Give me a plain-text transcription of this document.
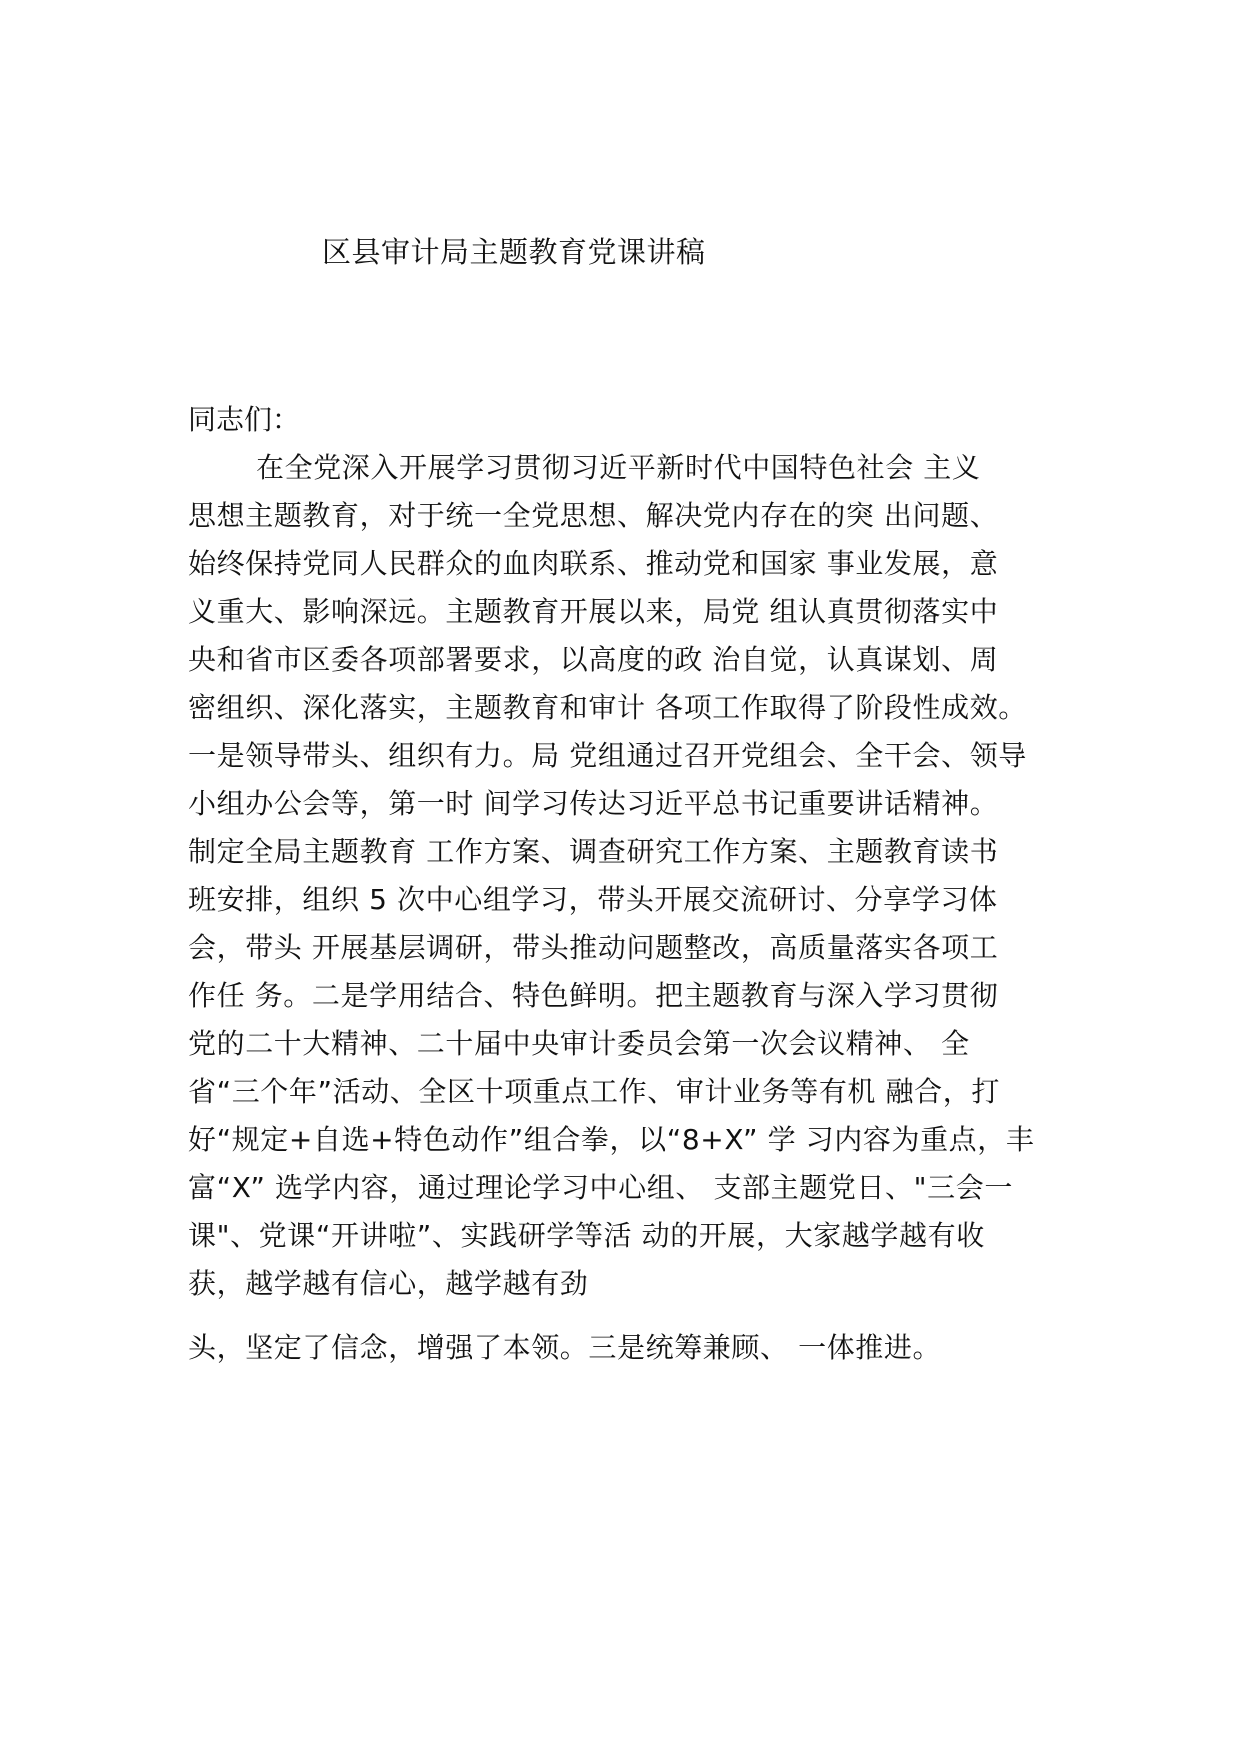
区县审计局主题教育党课讲稿
同志们：
在全党深入开展学习贯彻习近平新时代中国特色社会 主义
思想主题教育，对于统一全党思想、解决党内存在的突 出问题、
始终保持党同人民群众的血肉联系、推动党和国家 事业发展，意
义重大、影响深远。主题教育开展以来，局党 组认真贯彻落实中
央和省市区委各项部署要求，以高度的政 治自觉，认真谋划、周
密组织、深化落实，主题教育和审计 各项工作取得了阶段性成效。
一是领导带头、组织有力。局 党组通过召开党组会、全干会、领导
小组办公会等，第一时 间学习传达习近平总书记重要讲话精神。
制定全局主题教育 工作方案、调查研究工作方案、主题教育读书
班安排，组织 5 次中心组学习，带头开展交流研讨、分享学习体
会，带头 开展基层调研，带头推动问题整改，高质量落实各项工
作任 务。二是学用结合、特色鲜明。把主题教育与深入学习贯彻
党的二十大精神、二十届中央审计委员会第一次会议精神、 全
省“三个年”活动、全区十项重点工作、审计业务等有机 融合，打
好“规定+自选+特色动作”组合拳，以“8+X” 学 习内容为重点，丰
富“X” 选学内容，通过理论学习中心组、 支部主题党日、"三会一
课"、党课“开讲啦”、实践研学等活 动的开展，大家越学越有收
获，越学越有信心，越学越有劲
头，坚定了信念，增强了本领。三是统筹兼顾、 一体推进。
